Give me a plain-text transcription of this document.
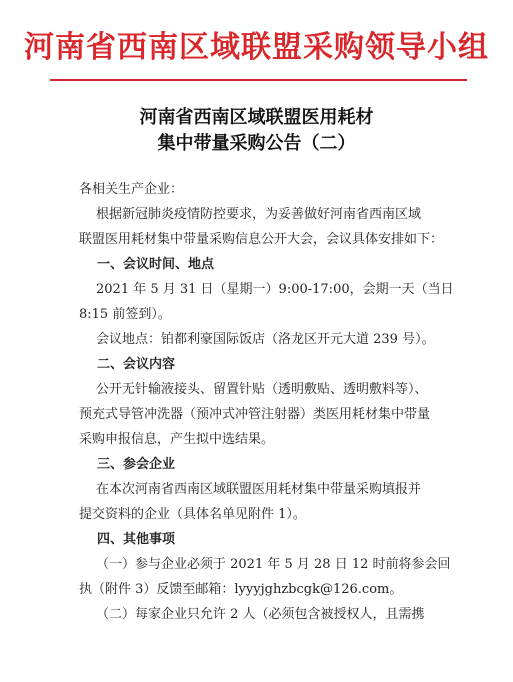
河南省西南区域联盟采购领导小组
河南省西南区域联盟医用耗材
集中带量采购公告（二）
各相关生产企业：
根据新冠肺炎疫情防控要求，为妥善做好河南省西南区域
联盟医用耗材集中带量采购信息公开大会，会议具体安排如下：
一、会议时间、地点
2021 年 5 月 31 日（星期一）9:00-17:00，会期一天（当日
8:15 前签到）。
会议地点：铂都利豪国际饭店（洛龙区开元大道 239 号）。
二、会议内容
公开无针输液接头、留置针贴（透明敷贴、透明敷料等）、
预充式导管冲洗器（预冲式冲管注射器）类医用耗材集中带量
采购申报信息，产生拟中选结果。
三、参会企业
在本次河南省西南区域联盟医用耗材集中带量采购填报并
提交资料的企业（具体名单见附件 1）。
四、其他事项
（一）参与企业必须于 2021 年 5 月 28 日 12 时前将参会回
执（附件 3）反馈至邮箱：lyyyjghzbcgk@126.com。
（二）每家企业只允许 2 人（必须包含被授权人，且需携
